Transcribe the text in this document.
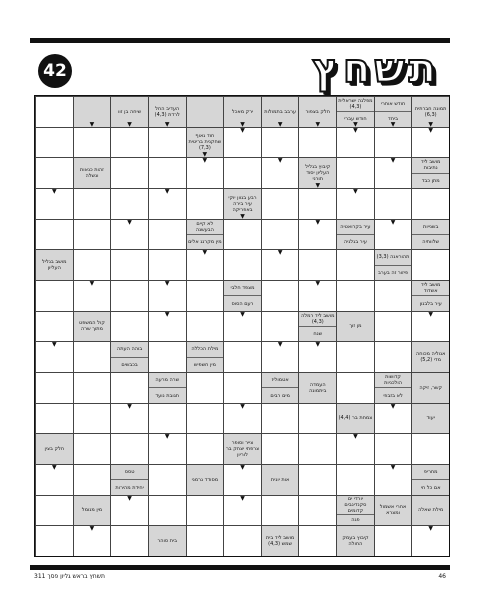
תשחץ
42
תמונה חברתית (6,3)
▼
חודש אוחרי
ביחד
▼
מפלגה ישראלית (4,3)
חודש עברי
▼
חלק בצפור
▼
ערבב בתמולות
▼
ירק מאכל
▼
העדיב החל לרדת (4,3)
▼
שיחה בן זוו
▼
▼
▼
▼
▼
חוד גאוף שחקנית בריטית (7,3)
▼
מושב ליד נתיבות
מתן כבד
▼
קיבוץ בגליל העליון יסוד תורני
▼
▼
▼
זהות כנאות ונשלה
▼
רבע בגוון יוקי עיר בירה באפריקה
▼
▼
▼
בשנייות
שלוותיה
▼
עיר בקרואטיה
עיר בגלגיה
▼
לא קיים הבעשנה
מין מקרנג אלים
▼
תהוראנה (3,3)
פיזור זה בערב
▼
▼
מושב בגליל העליון
מושב ליד אשדוד
עיר בלבנון
▼
מצפד חלבי
רעם הסוס
▼
▼
▼
מן זוך
מושב ליד רמלה (4,3)
שנח
▼
▼
קול המשפט מתוך שרה
אנוליה מכוחה מדי (5,2)
▼
▼
מילת הכללה
מין חשפיש
בוהה העתה
בכבשים
▼
קשר, זיקה
קדושות הולכניות
לא בזבוזי
העמדה ביתמונה
אטמוליז
מים רבים
שרה מרעה
תגובת נועד
יעוד
▼
צמחת בר (4,4)
▼
▼
▼
צייר וסופר צרפתי יצחק בר לוריון
▼
חלק בצין
מחריפ
אם כל חי
▼
אות יונית
▼
מסודד גרמני
טסס
יחידת מהירות
▼
מילת שאלה
אחרי אשמול ומצרא
יורדי ים סקנדינבים קדומים
פגה
▼
▼
מין מנומל
▼
קיבוץ בעמק החולה
מושב ליד בית שמש (4,3)
בית סוהר
▼
תשחץ בראש גליון פסך 311	46
